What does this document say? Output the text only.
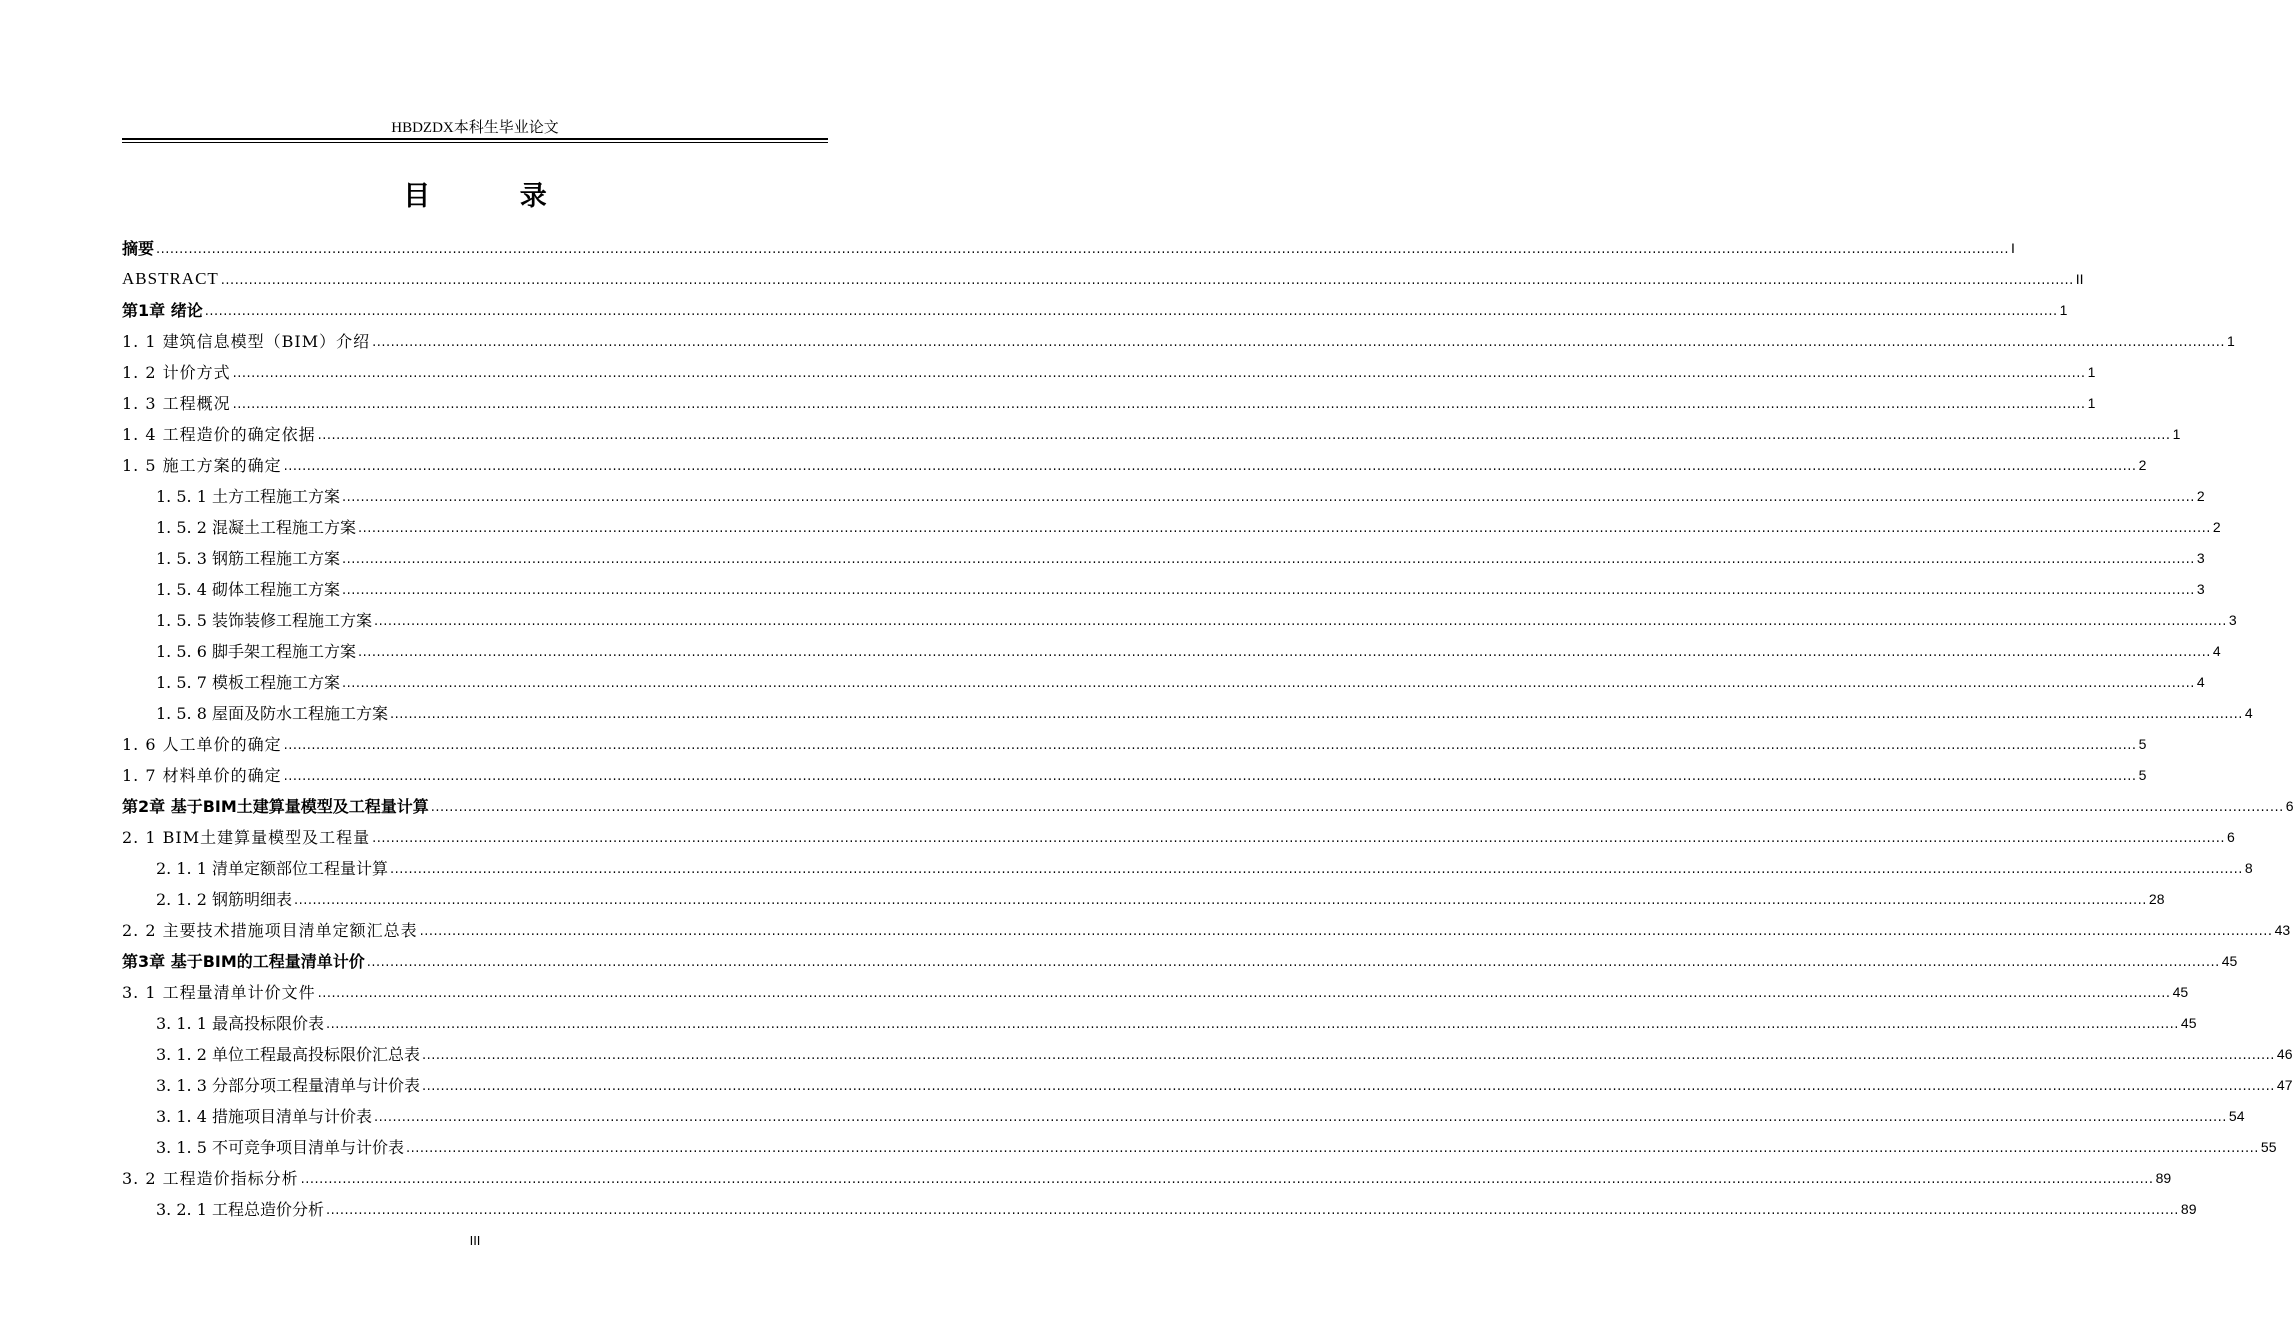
HBDZDX本科生毕业论文
目 录
摘要 ................................................................................................................................................................................................................................................................................................................................................................................................................ I
ABSTRACT ................................................................................................................................................................................................................................................................................................................................................................................................................ II
第1章 绪论 ................................................................................................................................................................................................................................................................................................................................................................................................................ 1
1. 1 建筑信息模型（BIM）介绍 ................................................................................................................................................................................................................................................................................................................................................................................................................ 1
1. 2 计价方式 ................................................................................................................................................................................................................................................................................................................................................................................................................ 1
1. 3 工程概况 ................................................................................................................................................................................................................................................................................................................................................................................................................ 1
1. 4 工程造价的确定依据 ................................................................................................................................................................................................................................................................................................................................................................................................................ 1
1. 5 施工方案的确定 ................................................................................................................................................................................................................................................................................................................................................................................................................ 2
1. 5. 1 土方工程施工方案 ................................................................................................................................................................................................................................................................................................................................................................................................................ 2
1. 5. 2 混凝土工程施工方案 ................................................................................................................................................................................................................................................................................................................................................................................................................ 2
1. 5. 3 钢筋工程施工方案 ................................................................................................................................................................................................................................................................................................................................................................................................................ 3
1. 5. 4 砌体工程施工方案 ................................................................................................................................................................................................................................................................................................................................................................................................................ 3
1. 5. 5 装饰装修工程施工方案 ................................................................................................................................................................................................................................................................................................................................................................................................................ 3
1. 5. 6 脚手架工程施工方案 ................................................................................................................................................................................................................................................................................................................................................................................................................ 4
1. 5. 7 模板工程施工方案 ................................................................................................................................................................................................................................................................................................................................................................................................................ 4
1. 5. 8 屋面及防水工程施工方案 ................................................................................................................................................................................................................................................................................................................................................................................................................ 4
1. 6 人工单价的确定 ................................................................................................................................................................................................................................................................................................................................................................................................................ 5
1. 7 材料单价的确定 ................................................................................................................................................................................................................................................................................................................................................................................................................ 5
第2章 基于BIM土建算量模型及工程量计算 ................................................................................................................................................................................................................................................................................................................................................................................................................ 6
2. 1 BIM土建算量模型及工程量 ................................................................................................................................................................................................................................................................................................................................................................................................................ 6
2. 1. 1 清单定额部位工程量计算 ................................................................................................................................................................................................................................................................................................................................................................................................................ 8
2. 1. 2 钢筋明细表 ................................................................................................................................................................................................................................................................................................................................................................................................................ 28
2. 2 主要技术措施项目清单定额汇总表 ................................................................................................................................................................................................................................................................................................................................................................................................................ 43
第3章 基于BIM的工程量清单计价 ................................................................................................................................................................................................................................................................................................................................................................................................................ 45
3. 1 工程量清单计价文件 ................................................................................................................................................................................................................................................................................................................................................................................................................ 45
3. 1. 1 最高投标限价表 ................................................................................................................................................................................................................................................................................................................................................................................................................ 45
3. 1. 2 单位工程最高投标限价汇总表 ................................................................................................................................................................................................................................................................................................................................................................................................................ 46
3. 1. 3 分部分项工程量清单与计价表 ................................................................................................................................................................................................................................................................................................................................................................................................................ 47
3. 1. 4 措施项目清单与计价表 ................................................................................................................................................................................................................................................................................................................................................................................................................ 54
3. 1. 5 不可竞争项目清单与计价表 ................................................................................................................................................................................................................................................................................................................................................................................................................ 55
3. 2 工程造价指标分析 ................................................................................................................................................................................................................................................................................................................................................................................................................ 89
3. 2. 1 工程总造价分析 ................................................................................................................................................................................................................................................................................................................................................................................................................ 89
III
